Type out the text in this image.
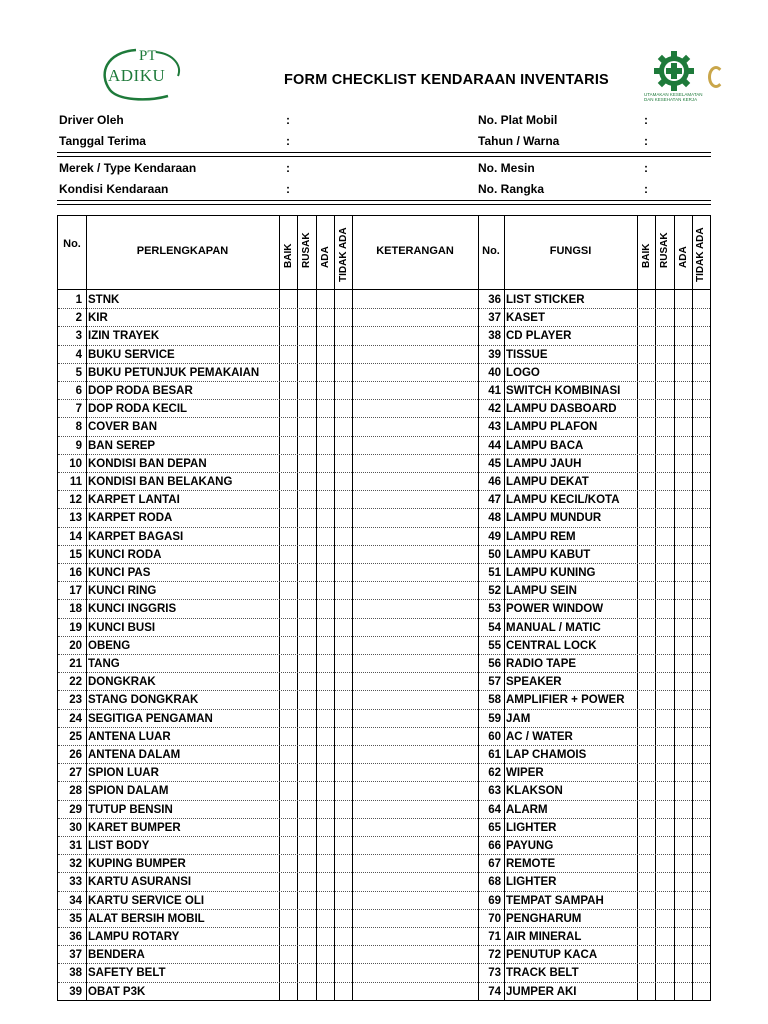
PT
ADIKU	FORM CHECKLIST KENDARAAN INVENTARIS
UTAMAKAN KESELAMATAN DAN KESEHATAN KERJA
Driver Oleh	:	No. Plat Mobil	:
Tanggal Terima	:	Tahun / Warna	:
Merek / Type Kendaraan	:	No. Mesin	:
Kondisi Kendaraan	:	No. Rangka	:
No.
PERLENGKAPAN	BAIK RUSAK ADA TIDAK ADA	KETERANGAN	No.	FUNGSI	BAIK RUSAK ADA TIDAK ADA
1 STNK	36 LIST STICKER
2 KIR	37 KASET
3 IZIN TRAYEK	38 CD PLAYER
4 BUKU SERVICE	39 TISSUE
5 BUKU PETUNJUK PEMAKAIAN	40 LOGO
6 DOP RODA BESAR	41 SWITCH KOMBINASI
7 DOP RODA KECIL	42 LAMPU DASBOARD
8 COVER BAN	43 LAMPU PLAFON
9 BAN SEREP	44 LAMPU BACA
10 KONDISI BAN DEPAN	45 LAMPU JAUH
11 KONDISI BAN BELAKANG	46 LAMPU DEKAT
12 KARPET LANTAI	47 LAMPU KECIL/KOTA
13 KARPET RODA	48 LAMPU MUNDUR
14 KARPET BAGASI	49 LAMPU REM
15 KUNCI RODA	50 LAMPU KABUT
16 KUNCI PAS	51 LAMPU KUNING
17 KUNCI RING	52 LAMPU SEIN
18 KUNCI INGGRIS	53 POWER WINDOW
19 KUNCI BUSI	54 MANUAL / MATIC
20 OBENG	55 CENTRAL LOCK
21 TANG	56 RADIO TAPE
22 DONGKRAK	57 SPEAKER
23 STANG DONGKRAK	58 AMPLIFIER + POWER
24 SEGITIGA PENGAMAN	59 JAM
25 ANTENA LUAR	60 AC / WATER
26 ANTENA DALAM	61 LAP CHAMOIS
27 SPION LUAR	62 WIPER
28 SPION DALAM	63 KLAKSON
29 TUTUP BENSIN	64 ALARM
30 KARET BUMPER	65 LIGHTER
31 LIST BODY	66 PAYUNG
32 KUPING BUMPER	67 REMOTE
33 KARTU ASURANSI	68 LIGHTER
34 KARTU SERVICE OLI	69 TEMPAT SAMPAH
35 ALAT BERSIH MOBIL	70 PENGHARUM
36 LAMPU ROTARY	71 AIR MINERAL
37 BENDERA	72 PENUTUP KACA
38 SAFETY BELT	73 TRACK BELT
39 OBAT P3K	74 JUMPER AKI
